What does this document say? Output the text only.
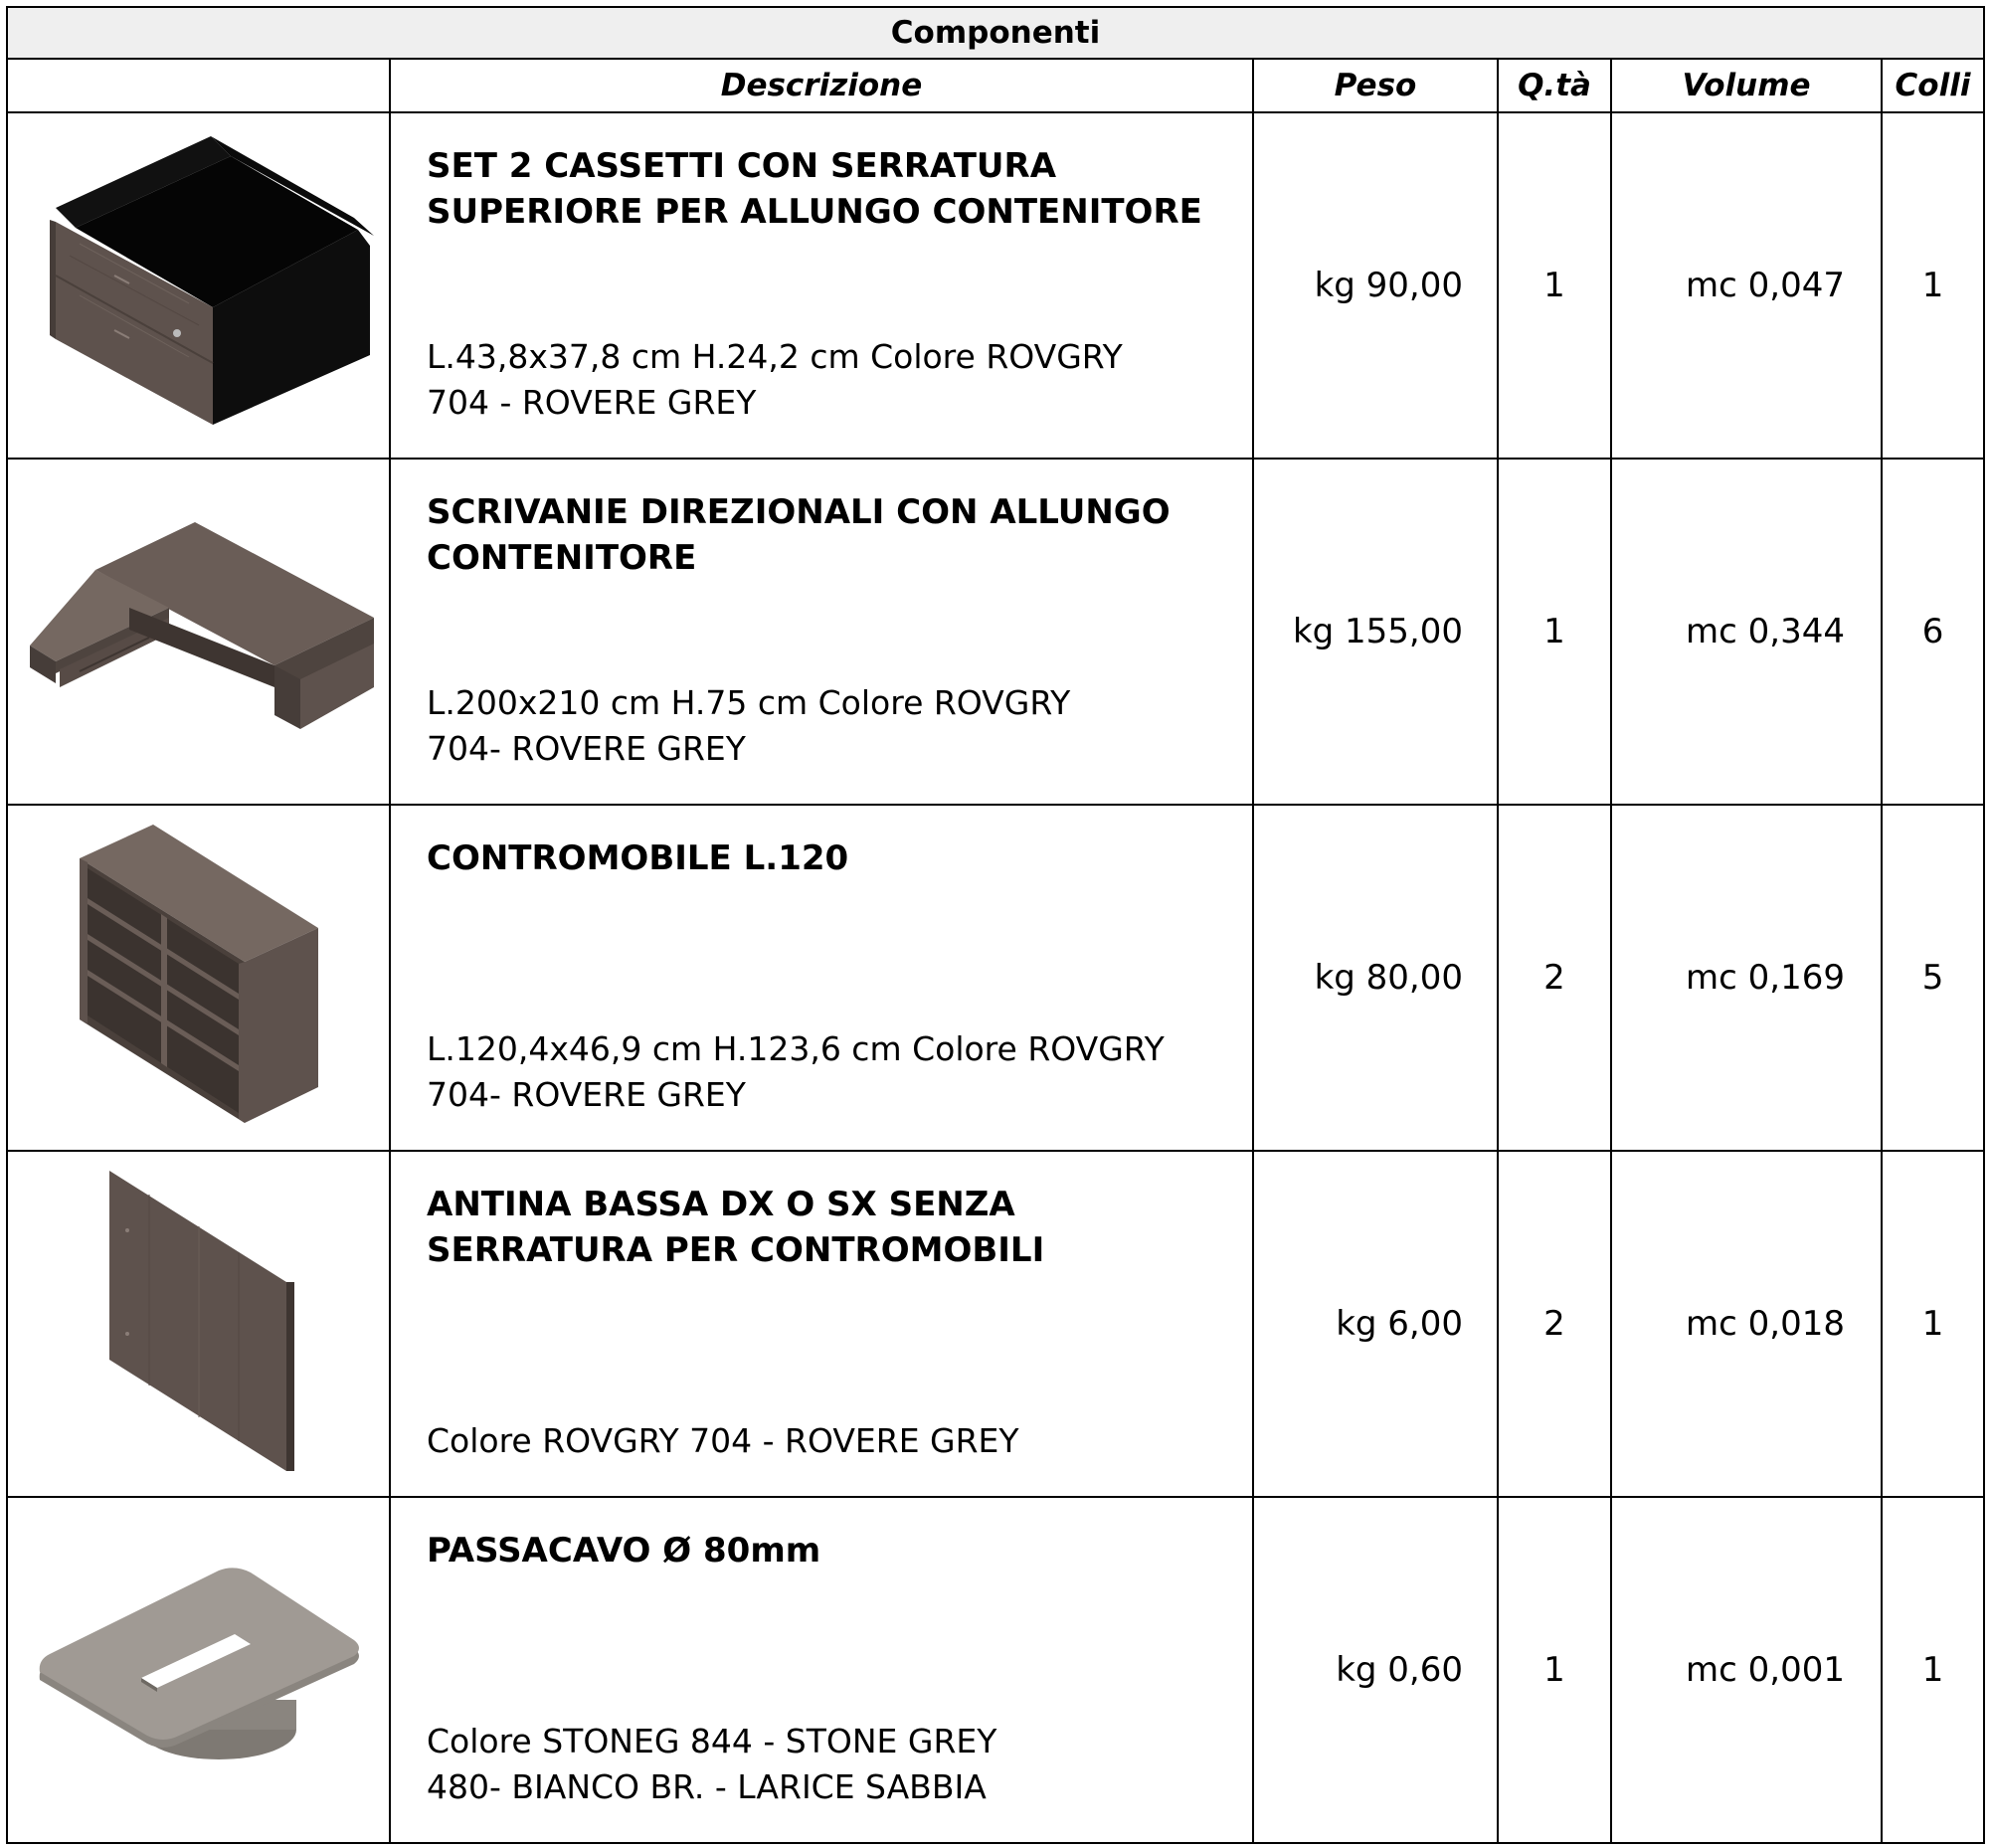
Componenti					
	Descrizione	Peso	Q.tà	Volume	Colli

SET 2 CASSETTI CON SERRATURA SUPERIORE PER ALLUNGO CONTENITORE
L.43,8x37,8 cm H.24,2 cm Colore ROVGRY
704 - ROVERE GREY	kg 90,00	1	mc 0,047	1

SCRIVANIE DIREZIONALI CON ALLUNGO CONTENITORE
L.200x210 cm H.75 cm Colore ROVGRY
704- ROVERE GREY	kg 155,00	1	mc 0,344	6

CONTROMOBILE L.120
L.120,4x46,9 cm H.123,6 cm Colore ROVGRY
704- ROVERE GREY	kg 80,00	2	mc 0,169	5

ANTINA BASSA DX O SX SENZA SERRATURA PER CONTROMOBILI
Colore ROVGRY 704 - ROVERE GREY	kg 6,00	2	mc 0,018	1

PASSACAVO Ø 80mm
Colore STONEG 844 - STONE GREY
480- BIANCO BR. - LARICE SABBIA	kg 0,60	1	mc 0,001	1
